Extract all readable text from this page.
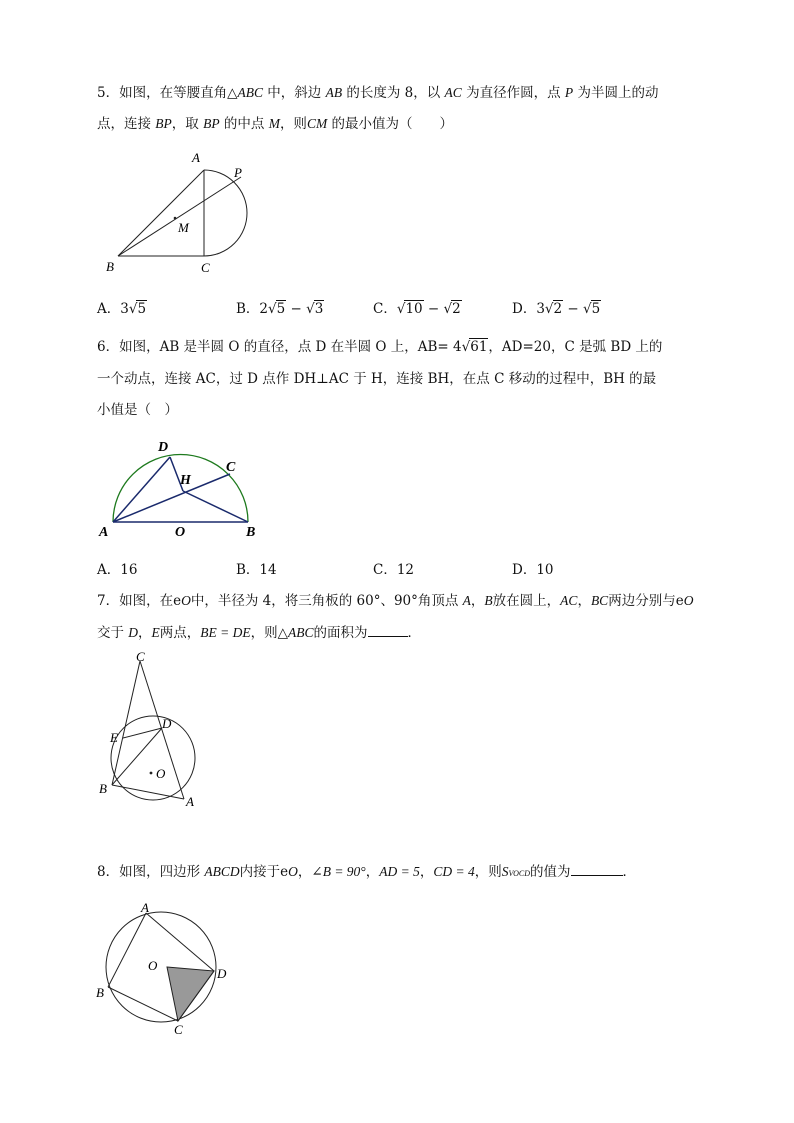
5．如图，在等腰直角△ABC 中，斜边 AB 的长度为 8，以 AC 为直径作圆，点 P 为半圆上的动
点，连接 BP，取 BP 的中点 M，则CM 的最小值为（　　）
A
P
M
B	C
A．3√5	B．2√5 − √3	C．√10 − √2	D．3√2 − √5
6．如图，AB 是半圆 O 的直径，点 D 在半圆 O 上，AB= 4√61，AD=20，C 是弧 BD 上的
一个动点，连接 AC，过 D 点作 DH⊥AC 于 H，连接 BH，在点 C 移动的过程中，BH 的最
小值是（　）
D
C
H
A	O	B
A．16	B．14	C．12	D．10
7．如图，在eO中，半径为 4，将三角板的 60°、90°角顶点 A，B放在圆上，AC，BC两边分别与eO
交于 D，E两点，BE = DE，则△ABC的面积为	．
C
D
E
O
B
A
8．如图，四边形 ABCD内接于eO，∠B = 90°，AD = 5，CD = 4，则SVOCD的值为	．
A
O
D
B
C
